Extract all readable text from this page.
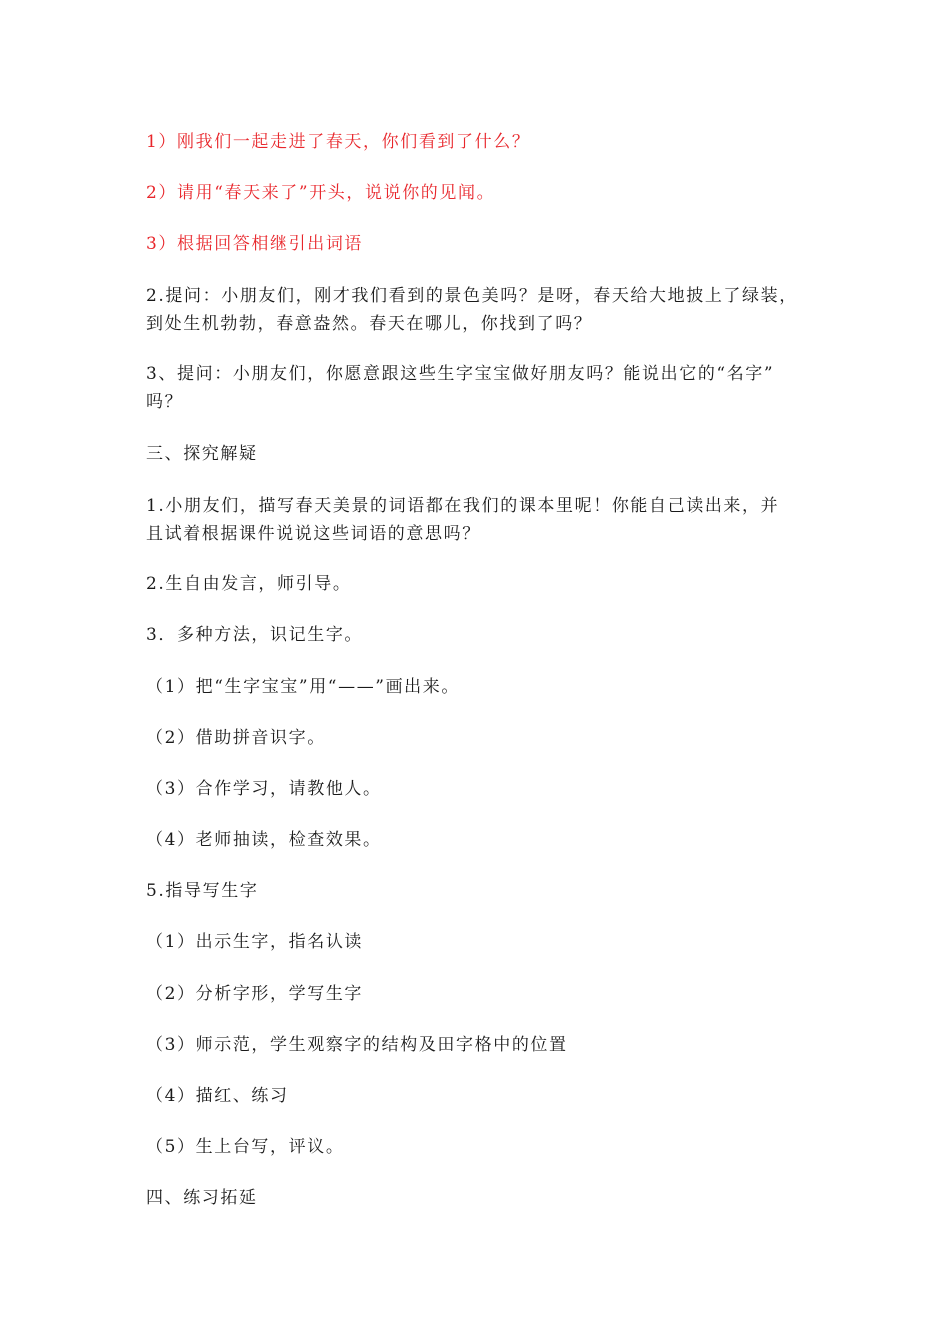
1）刚我们一起走进了春天，你们看到了什么？

2）请用“春天来了”开头，说说你的见闻。

3）根据回答相继引出词语

2.提问：小朋友们，刚才我们看到的景色美吗？是呀，春天给大地披上了绿装，
到处生机勃勃，春意盎然。春天在哪儿，你找到了吗？

3、提问：小朋友们，你愿意跟这些生字宝宝做好朋友吗？能说出它的“名字”
吗？

三、探究解疑

1.小朋友们，描写春天美景的词语都在我们的课本里呢！你能自己读出来，并
且试着根据课件说说这些词语的意思吗？

2.生自由发言，师引导。

3．多种方法，识记生字。

（1）把“生字宝宝”用“——”画出来。

（2）借助拼音识字。

（3）合作学习，请教他人。

（4）老师抽读，检查效果。

5.指导写生字

（1）出示生字，指名认读

（2）分析字形，学写生字

（3）师示范，学生观察字的结构及田字格中的位置

（4）描红、练习

（5）生上台写，评议。

四、练习拓延
